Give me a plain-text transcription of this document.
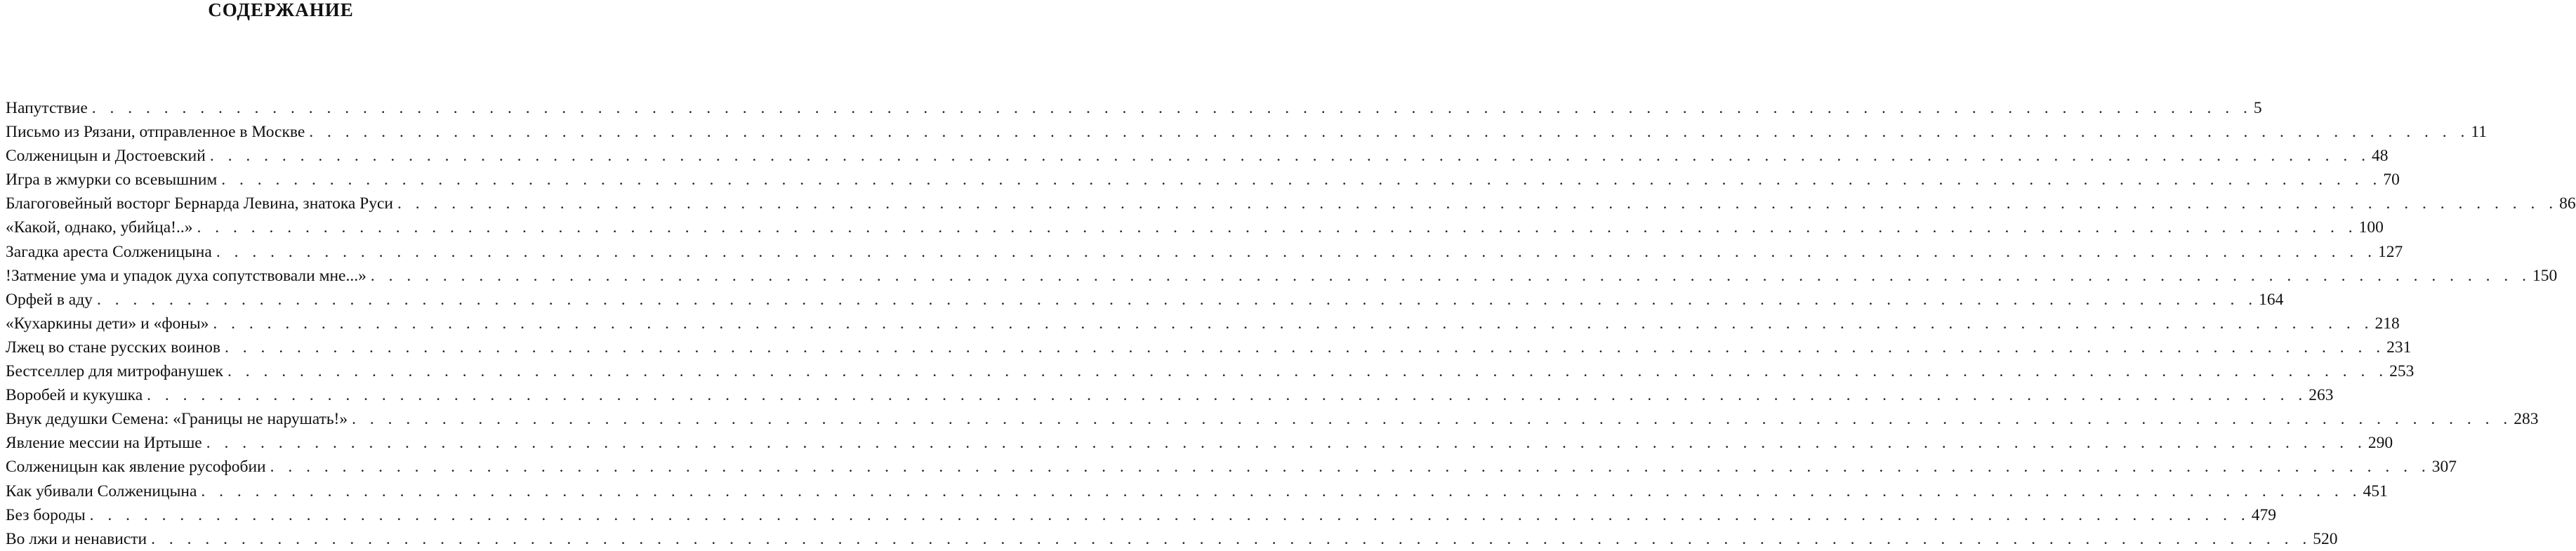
СОДЕРЖАНИЕ
Напутствие . . . . . . . . . . . . . . . . . . . . . . . . . . . . . . . . . . . . . . . . . . . . . . . . . . . . . . . . . . . . . . . . . . . . . . . . . . . . . . . . . . . . . . . . . . . . . . . . . . . . . . . . . . . . . . . . . . . . . . . . 5
Письмо из Рязани, отправленное в Москве . . . . . . . . . . . . . . . . . . . . . . . . . . . . . . . . . . . . . . . . . . . . . . . . . . . . . . . . . . . . . . . . . . . . . . . . . . . . . . . . . . . . . . . . . . . . . . . . . . . . . . . . . . . . . . . . . . . . . . . . 11
Солженицын и Достоевский . . . . . . . . . . . . . . . . . . . . . . . . . . . . . . . . . . . . . . . . . . . . . . . . . . . . . . . . . . . . . . . . . . . . . . . . . . . . . . . . . . . . . . . . . . . . . . . . . . . . . . . . . . . . . . . . . . . . . . . . 48
Игра в жмурки со всевышним . . . . . . . . . . . . . . . . . . . . . . . . . . . . . . . . . . . . . . . . . . . . . . . . . . . . . . . . . . . . . . . . . . . . . . . . . . . . . . . . . . . . . . . . . . . . . . . . . . . . . . . . . . . . . . . . . . . . . . . . 70
Благоговейный восторг Бернарда Левина, знатока Руси . . . . . . . . . . . . . . . . . . . . . . . . . . . . . . . . . . . . . . . . . . . . . . . . . . . . . . . . . . . . . . . . . . . . . . . . . . . . . . . . . . . . . . . . . . . . . . . . . . . . . . . . . . . . . . . . . . . . . . . . 86
«Какой, однако, убийца!..» . . . . . . . . . . . . . . . . . . . . . . . . . . . . . . . . . . . . . . . . . . . . . . . . . . . . . . . . . . . . . . . . . . . . . . . . . . . . . . . . . . . . . . . . . . . . . . . . . . . . . . . . . . . . . . . . . . . . . . . . 100
Загадка ареста Солженицына . . . . . . . . . . . . . . . . . . . . . . . . . . . . . . . . . . . . . . . . . . . . . . . . . . . . . . . . . . . . . . . . . . . . . . . . . . . . . . . . . . . . . . . . . . . . . . . . . . . . . . . . . . . . . . . . . . . . . . . . 127
!Затмение ума и упадок духа сопутствовали мне...» . . . . . . . . . . . . . . . . . . . . . . . . . . . . . . . . . . . . . . . . . . . . . . . . . . . . . . . . . . . . . . . . . . . . . . . . . . . . . . . . . . . . . . . . . . . . . . . . . . . . . . . . . . . . . . . . . . . . . . . . 150
Орфей в аду . . . . . . . . . . . . . . . . . . . . . . . . . . . . . . . . . . . . . . . . . . . . . . . . . . . . . . . . . . . . . . . . . . . . . . . . . . . . . . . . . . . . . . . . . . . . . . . . . . . . . . . . . . . . . . . . . . . . . . . . 164
«Кухаркины дети» и «фоны» . . . . . . . . . . . . . . . . . . . . . . . . . . . . . . . . . . . . . . . . . . . . . . . . . . . . . . . . . . . . . . . . . . . . . . . . . . . . . . . . . . . . . . . . . . . . . . . . . . . . . . . . . . . . . . . . . . . . . . . . 218
Лжец во стане русских воинов . . . . . . . . . . . . . . . . . . . . . . . . . . . . . . . . . . . . . . . . . . . . . . . . . . . . . . . . . . . . . . . . . . . . . . . . . . . . . . . . . . . . . . . . . . . . . . . . . . . . . . . . . . . . . . . . . . . . . . . . 231
Бестселлер для митрофанушек . . . . . . . . . . . . . . . . . . . . . . . . . . . . . . . . . . . . . . . . . . . . . . . . . . . . . . . . . . . . . . . . . . . . . . . . . . . . . . . . . . . . . . . . . . . . . . . . . . . . . . . . . . . . . . . . . . . . . . . . 253
Воробей и кукушка . . . . . . . . . . . . . . . . . . . . . . . . . . . . . . . . . . . . . . . . . . . . . . . . . . . . . . . . . . . . . . . . . . . . . . . . . . . . . . . . . . . . . . . . . . . . . . . . . . . . . . . . . . . . . . . . . . . . . . . . 263
Внук дедушки Семена: «Границы не нарушать!» . . . . . . . . . . . . . . . . . . . . . . . . . . . . . . . . . . . . . . . . . . . . . . . . . . . . . . . . . . . . . . . . . . . . . . . . . . . . . . . . . . . . . . . . . . . . . . . . . . . . . . . . . . . . . . . . . . . . . . . . 283
Явление мессии на Иртыше . . . . . . . . . . . . . . . . . . . . . . . . . . . . . . . . . . . . . . . . . . . . . . . . . . . . . . . . . . . . . . . . . . . . . . . . . . . . . . . . . . . . . . . . . . . . . . . . . . . . . . . . . . . . . . . . . . . . . . . . 290
Солженицын как явление русофобии . . . . . . . . . . . . . . . . . . . . . . . . . . . . . . . . . . . . . . . . . . . . . . . . . . . . . . . . . . . . . . . . . . . . . . . . . . . . . . . . . . . . . . . . . . . . . . . . . . . . . . . . . . . . . . . . . . . . . . . . 307
Как убивали Солженицына . . . . . . . . . . . . . . . . . . . . . . . . . . . . . . . . . . . . . . . . . . . . . . . . . . . . . . . . . . . . . . . . . . . . . . . . . . . . . . . . . . . . . . . . . . . . . . . . . . . . . . . . . . . . . . . . . . . . . . . . 451
Без бороды . . . . . . . . . . . . . . . . . . . . . . . . . . . . . . . . . . . . . . . . . . . . . . . . . . . . . . . . . . . . . . . . . . . . . . . . . . . . . . . . . . . . . . . . . . . . . . . . . . . . . . . . . . . . . . . . . . . . . . . . 479
Во лжи и ненависти . . . . . . . . . . . . . . . . . . . . . . . . . . . . . . . . . . . . . . . . . . . . . . . . . . . . . . . . . . . . . . . . . . . . . . . . . . . . . . . . . . . . . . . . . . . . . . . . . . . . . . . . . . . . . . . . . . . . . . . . 520
